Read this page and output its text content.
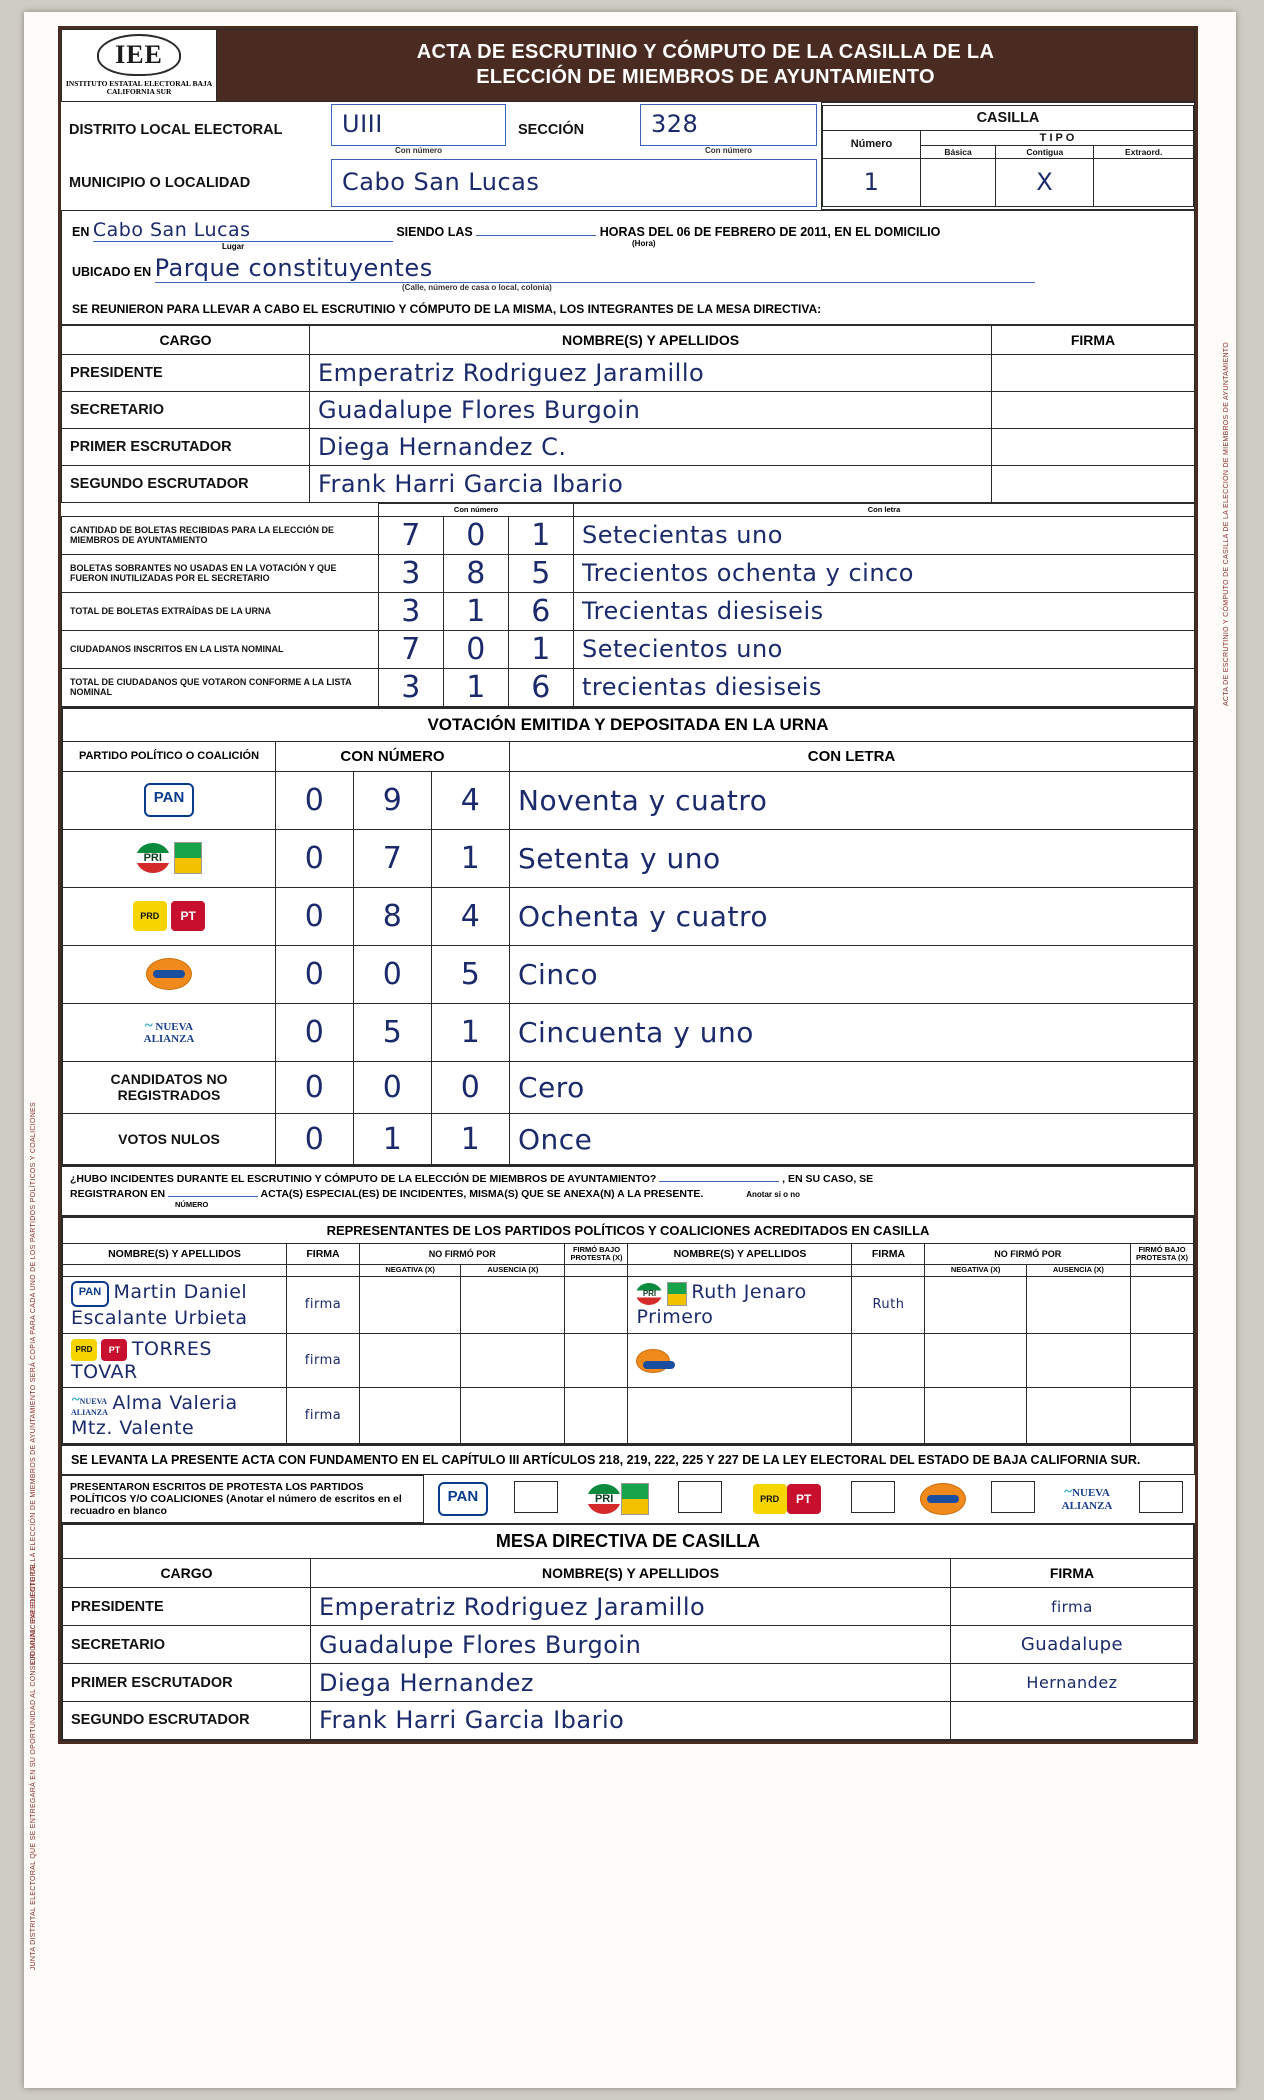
ACTA DE ESCRUTINIO Y CÓMPUTO DE CASILLA DE LA ELECCIÓN DE MIEMBROS DE AYUNTAMIENTO
IEE
INSTITUTO ESTATAL ELECTORAL BAJA CALIFORNIA SUR

ACTA DE ESCRUTINIO Y CÓMPUTO DE LA CASILLA DE LA
ELECCIÓN DE MIEMBROS DE AYUNTAMIENTO
DISTRITO LOCAL ELECTORAL	UIII
Con número
	SECCIÓN	328
Con número

MUNICIPIO O LOCALIDAD	Cabo San Lucas

CASILLA
Número	T I P O
Básica	Contigua	Extraord.
1		X	
EN Cabo San Lucas	SIENDO LAS	HORAS DEL 06 DE FEBRERO DE 2011, EN EL DOMICILIO
Lugar	(Hora)
UBICADO EN Parque constituyentes
(Calle, número de casa o local, colonia)
SE REUNIERON PARA LLEVAR A CABO EL ESCRUTINIO Y CÓMPUTO DE LA MISMA, LOS INTEGRANTES DE LA MESA DIRECTIVA:
CARGO	NOMBRE(S) Y APELLIDOS	FIRMA
PRESIDENTE	Emperatriz Rodriguez Jaramillo	
SECRETARIO	Guadalupe Flores Burgoin	
PRIMER ESCRUTADOR	Diega Hernandez C.	
SEGUNDO ESCRUTADOR	Frank Harri Garcia Ibario	
	Con número			Con letra
CANTIDAD DE BOLETAS RECIBIDAS PARA LA ELECCIÓN DE MIEMBROS DE AYUNTAMIENTO	7	0	1	Setecientas uno
BOLETAS SOBRANTES NO USADAS EN LA VOTACIÓN Y QUE FUERON INUTILIZADAS POR EL SECRETARIO	3	8	5	Trecientos ochenta y cinco
TOTAL DE BOLETAS EXTRAÍDAS DE LA URNA	3	1	6	Trecientas diesiseis
CIUDADANOS INSCRITOS EN LA LISTA NOMINAL	7	0	1	Setecientos uno
TOTAL DE CIUDADANOS QUE VOTARON CONFORME A LA LISTA NOMINAL	3	1	6	trecientas diesiseis
VOTACIÓN EMITIDA Y DEPOSITADA EN LA URNA				
PARTIDO POLÍTICO O COALICIÓN	CON NÚMERO			CON LETRA
PAN	0	9	4	Noventa y cuatro
PRI	0	7	1	Setenta y uno
PRD PT	0	8	4	Ochenta y cuatro
	0	0	5	Cinco

~ NUEVA
ALIANZA	0	5	1	Cincuenta y uno
CANDIDATOS NO REGISTRADOS	0	0	0	Cero
VOTOS NULOS	0	1	1	Once
¿HUBO INCIDENTES DURANTE EL ESCRUTINIO Y CÓMPUTO DE LA ELECCIÓN DE MIEMBROS DE AYUNTAMIENTO?	, EN SU CASO, SE
REGISTRARON EN	ACTA(S) ESPECIAL(ES) DE INCIDENTES, MISMA(S) QUE SE ANEXA(N) A LA PRESENTE.	Anotar si o no
NÚMERO
REPRESENTANTES DE LOS PARTIDOS POLÍTICOS Y COALICIONES ACREDITADOS EN CASILLA									
NOMBRE(S) Y APELLIDOS	FIRMA	NO FIRMÓ POR		FIRMÓ BAJO PROTESTA (X)	NOMBRE(S) Y APELLIDOS	FIRMA	NO FIRMÓ POR		FIRMÓ BAJO PROTESTA (X)
		NEGATIVA (X)	AUSENCIA (X)				NEGATIVA (X)	AUSENCIA (X)	
PAN Martin Daniel Escalante Urbieta	firma				PRI Ruth Jenaro Primero	Ruth			
PRD PT TORRES TOVAR	firma								
~NUEVA
ALIANZA Alma Valeria Mtz. Valente	firma								
SE LEVANTA LA PRESENTE ACTA CON FUNDAMENTO EN EL CAPÍTULO III ARTÍCULOS 218, 219, 222, 225 Y 227 DE LA LEY ELECTORAL DEL ESTADO DE BAJA CALIFORNIA SUR.
PRESENTARON ESCRITOS DE PROTESTA LOS PARTIDOS POLÍTICOS Y/O COALICIONES (Anotar el número de escritos en el recuadro en blanco	PAN		PRI		PRD PT				~NUEVA
ALIANZA	
MESA DIRECTIVA DE CASILLA		
CARGO	NOMBRE(S) Y APELLIDOS	FIRMA
PRESIDENTE	Emperatriz Rodriguez Jaramillo	firma
SECRETARIO	Guadalupe Flores Burgoin	Guadalupe
PRIMER ESCRUTADOR	Diega Hernandez	Hernandez
SEGUNDO ESCRUTADOR	Frank Harri Garcia Ibario	
ORIGINAL: EXPEDIENTE DE LA ELECCIÓN DE MIEMBROS DE AYUNTAMIENTO SERÁ COPIA PARA CADA UNO DE LOS PARTIDOS POLÍTICOS Y COALICIONES
JUNTA DISTRITAL ELECTORAL QUE SE ENTREGARÁ EN SU OPORTUNIDAD AL CONSEJO MUNICIPAL ELECTORAL
